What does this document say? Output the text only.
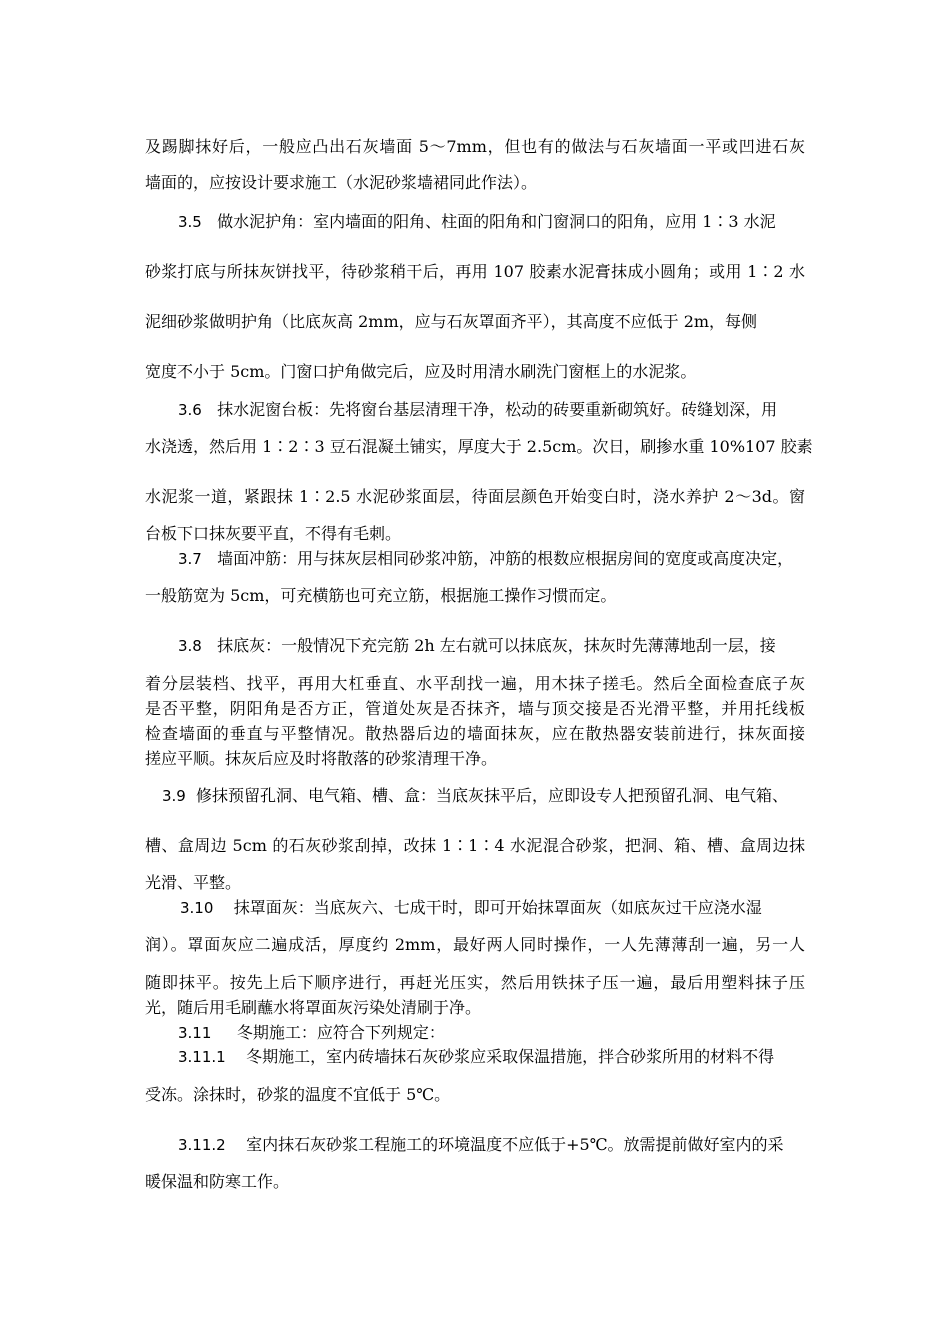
及踢脚抹好后，一般应凸出石灰墙面 5～7mm，但也有的做法与石灰墙面一平或凹进石灰
墙面的，应按设计要求施工（水泥砂浆墙裙同此作法）。
3.5 做水泥护角：室内墙面的阳角、柱面的阳角和门窗洞口的阳角，应用 1∶3 水泥
砂浆打底与所抹灰饼找平，待砂浆稍干后，再用 107 胶素水泥膏抹成小圆角；或用 1∶2 水
泥细砂浆做明护角（比底灰高 2mm，应与石灰罩面齐平），其高度不应低于 2m，每侧
宽度不小于 5cm。门窗口护角做完后，应及时用清水刷洗门窗框上的水泥浆。
3.6 抹水泥窗台板：先将窗台基层清理干净，松动的砖要重新砌筑好。砖缝划深，用
水浇透，然后用 1∶2∶3 豆石混凝土铺实，厚度大于 2.5cm。次日，刷掺水重 10%107 胶素
水泥浆一道，紧跟抹 1∶2.5 水泥砂浆面层，待面层颜色开始变白时，浇水养护 2～3d。窗
台板下口抹灰要平直，不得有毛刺。
3.7 墙面冲筋：用与抹灰层相同砂浆冲筋，冲筋的根数应根据房间的宽度或高度决定，
一般筋宽为 5cm，可充横筋也可充立筋，根据施工操作习惯而定。
3.8 抹底灰：一般情况下充完筋 2h 左右就可以抹底灰，抹灰时先薄薄地刮一层，接
着分层装档、找平，再用大杠垂直、水平刮找一遍，用木抹子搓毛。然后全面检查底子灰
是否平整，阴阳角是否方正，管道处灰是否抹齐，墙与顶交接是否光滑平整，并用托线板
检查墙面的垂直与平整情况。散热器后边的墙面抹灰，应在散热器安装前进行，抹灰面接
搓应平顺。抹灰后应及时将散落的砂浆清理干净。
3.9 修抹预留孔洞、电气箱、槽、盒：当底灰抹平后，应即设专人把预留孔洞、电气箱、
槽、盒周边 5cm 的石灰砂浆刮掉，改抹 1∶1∶4 水泥混合砂浆，把洞、箱、槽、盒周边抹
光滑、平整。
3.10 抹罩面灰：当底灰六、七成干时，即可开始抹罩面灰（如底灰过干应浇水湿
润）。罩面灰应二遍成活，厚度约 2mm，最好两人同时操作，一人先薄薄刮一遍，另一人
随即抹平。按先上后下顺序进行，再赶光压实，然后用铁抹子压一遍，最后用塑料抹子压
光，随后用毛刷蘸水将罩面灰污染处清刷于净。
3.11 冬期施工：应符合下列规定：
3.11.1 冬期施工，室内砖墙抹石灰砂浆应采取保温措施，拌合砂浆所用的材料不得
受冻。涂抹时，砂浆的温度不宜低于 5℃。
3.11.2 室内抹石灰砂浆工程施工的环境温度不应低于+5℃。放需提前做好室内的采
暖保温和防寒工作。
